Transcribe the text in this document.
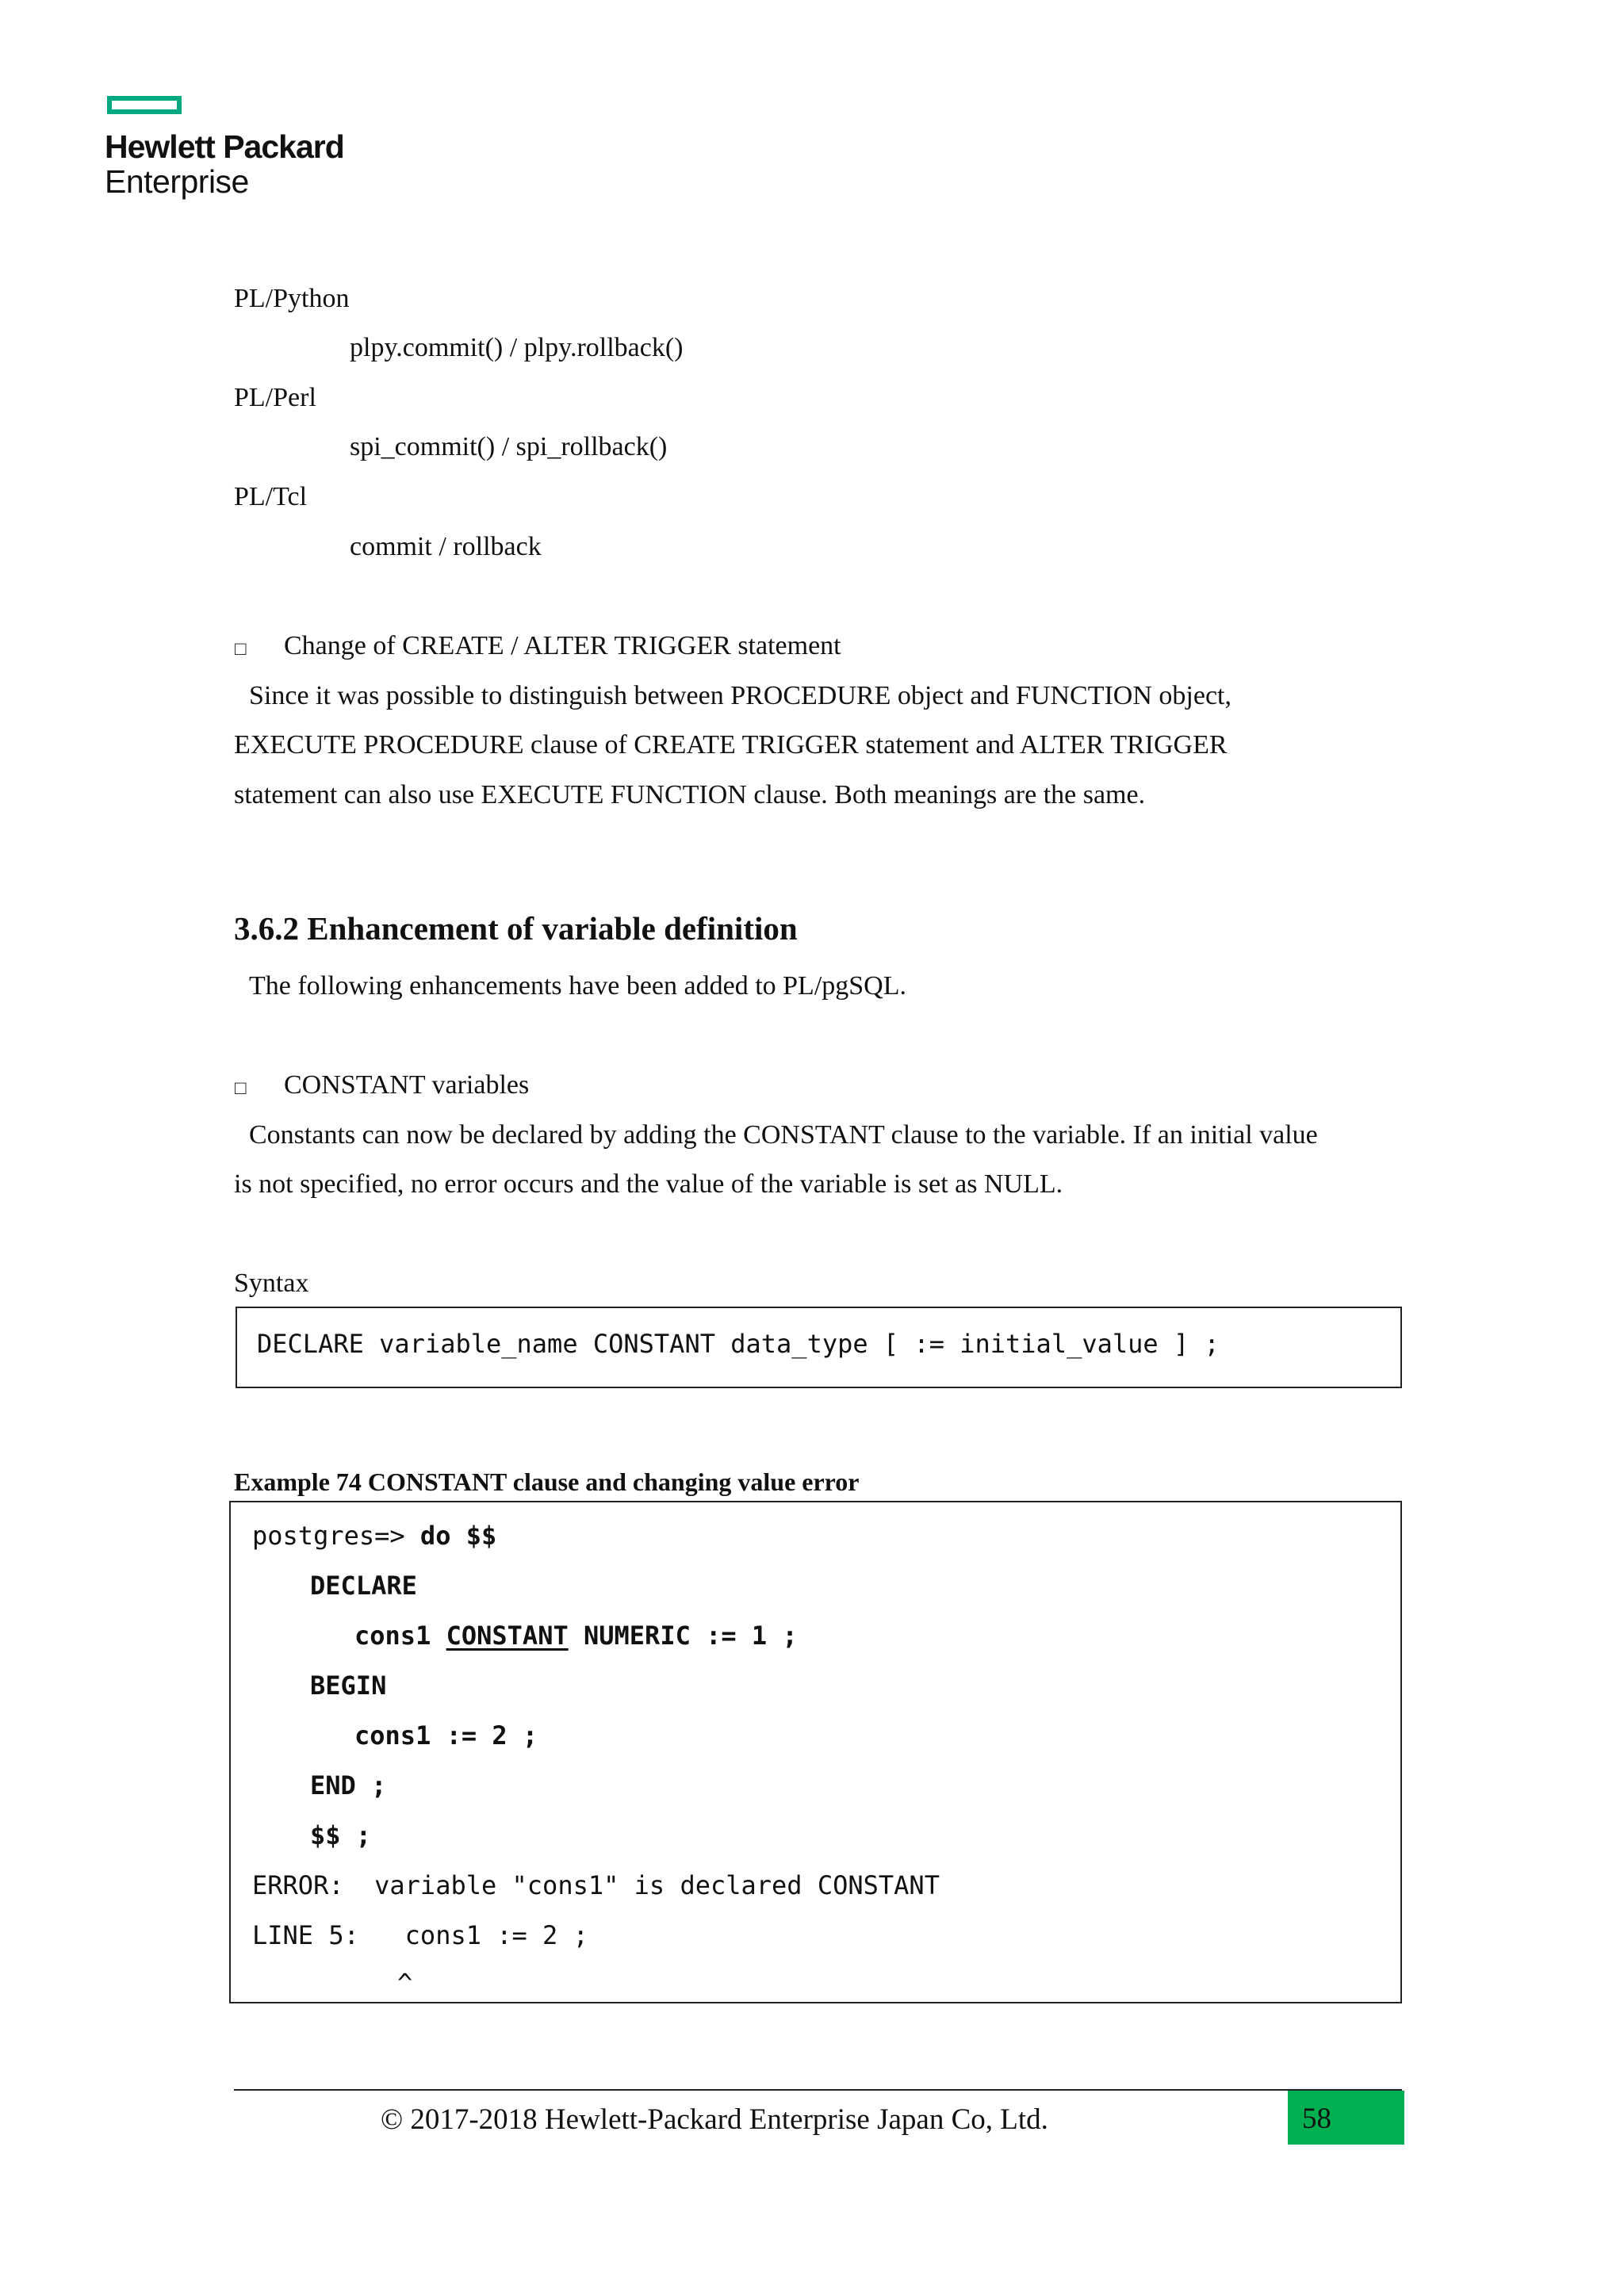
Hewlett Packard
Enterprise
PL/Python
plpy.commit() / plpy.rollback()
PL/Perl
spi_commit() / spi_rollback()
PL/Tcl
commit / rollback
□ Change of CREATE / ALTER TRIGGER statement
Since it was possible to distinguish between PROCEDURE object and FUNCTION object,
EXECUTE PROCEDURE clause of CREATE TRIGGER statement and ALTER TRIGGER
statement can also use EXECUTE FUNCTION clause. Both meanings are the same.
3.6.2 Enhancement of variable definition
The following enhancements have been added to PL/pgSQL.
□ CONSTANT variables
Constants can now be declared by adding the CONSTANT clause to the variable. If an initial value
is not specified, no error occurs and the value of the variable is set as NULL.
Syntax
DECLARE variable_name CONSTANT data_type [ := initial_value ] ;
Example 74 CONSTANT clause and changing value error
postgres=> do $$
DECLARE
cons1 CONSTANT NUMERIC := 1 ;
BEGIN
cons1 := 2 ;
END ;
$$ ;
ERROR:  variable "cons1" is declared CONSTANT
LINE 5:   cons1 := 2 ;
^
© 2017-2018 Hewlett-Packard Enterprise Japan Co, Ltd.	58
